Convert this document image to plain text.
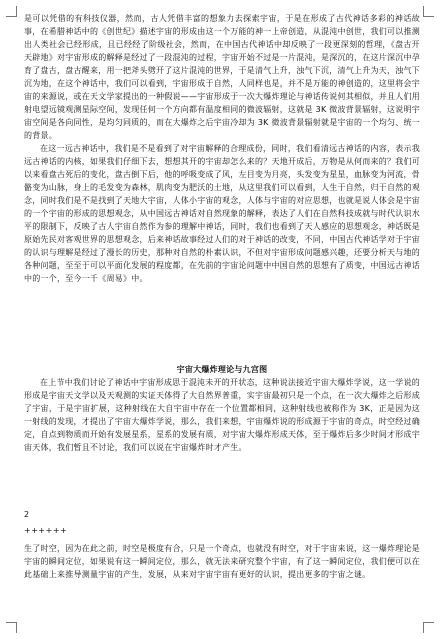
是可以凭借的有科技仪器，然而，古人凭借丰富的想象力去探索宇宙，于是在形成了古代神话多彩的神话故事，在希腊神话中的《创世纪》描述宇宙的形成由这一个万能的神一上帝创造，从混沌中创世，我们可以推测出人类社会已经形成，且已经经了阶级社会，然而，在中国古代神话中却反映了一段更深刻的哲理，《盘古开天辟地》对宇宙形成的解释是经过了一段混沌的过程，宇宙开始不过是一片混沌，是深沉的，在这片深沉中孕育了盘古，盘古醒来，用一把斧头劈开了这片混沌的世界，于是清气上升，浊气下沉，清气上升为天，浊气下沉为地，在这个神话中，我们可以看到，宇宙形成于自然，人同样也是，并不是万能的神创造的，这里将会宇宙的来源说，或在天文学家提出的一种假说——宇宙形成于一次大爆炸理论与神话传说何其相似，并且人们用射电望远镜观测星际空间，发现任何一个方向都有温度相同的微波辐射，这就是 3K 微波背景辐射，这说明宇宙空间是各向同性，是均匀同质的，而在大爆炸之后宇宙冷却为 3K 微波背景辐射就是宇宙的一个均匀、统一的背景。

在这一远古神话中，我们是不是看到了对宇宙解释的合理成份，同时，我们看清远古神话的内容，表示我远古神话的内核，如果我们仔细下去，想想其开的宇宙却怎么来的？天地开成后，万物是从何而来的？我们可以来看盘古死后的变化，盘古倒下后，他的呼吸变成了风，左目变为月亮，头发变为星星，血脉变为河流，骨骼变为山脉，身上的毛发变为森林，肌肉变为肥沃的土地，从这里我们可以看到，人生于自然，归于自然的观念，同时我们是不是找到了天地大宇宙，人体小宇宙的观念，人体与宇宙的对应思想，也就是说人体会是宇宙的一个宇宙的形成的思想观念，从中国远古神话对自然现象的解释，表达了人们在自然科技成就与时代认识水平的限制下，反映了古人宇宙自然作为参的理解中神话，同时，我们也看到了天人感应的思想观念，神话既是原始先民对客观世界的思想观念，后来神话故事经过人们的对于神话的改变，不同，中国古代神话学对于宇宙的认识与理解是经过了漫长的历史，那种对自然的朴素认识，不但对宇宙形成问题感兴趣，还要分析天与地的各种问题，至至于可以平面化发展的程度都，在先前的宇宙论问题中中国自然的思想有了质变，中国远古神话中的一个，至今一千《周易》中。

宇宙大爆炸理论与九宫图

在上节中我们讨论了神话中宇宙形成思于混沌未开的开状态，这种说法接近宇宙大爆炸学说，这一学说的形成是宇宙天文学以及天观测的实证天体得了大自然界普重，实宇宙最初只是一个点，在一次大爆炸之后形成了宇宙，于是宇宙扩展，这种射线在大自宇宙中存在一个位置都相同，这种射线也被称作为 3K，正是因为这一射线的发现，才提出了宇宙大爆炸学说，那么，我们来想，宇宙爆炸说的形成源于宇宙的奇点，时空经过确定，自点到物质而开始有发展星系，星系的发展有质，对宇宙大爆炸形成天体，至于爆炸后多少时间才形成宇宙天体，我们暂且不讨论，我们可以说在宇宙爆炸时才产生。

2
++++++

生了时空，因为在此之前，时空是极度有合，只是一个奇点，也就没有时空，对于宇宙来说，这一爆炸理论是宇宙的瞬间定位，如果说有这一瞬间定位，那么，就无法来研究整个宇宙，有了这一瞬间定位，我们便可以在此基础上来推导测量宇宙的产生，发展，从来对宇宙宇宙有更好的认识，提出更多的宇宙之谜。
